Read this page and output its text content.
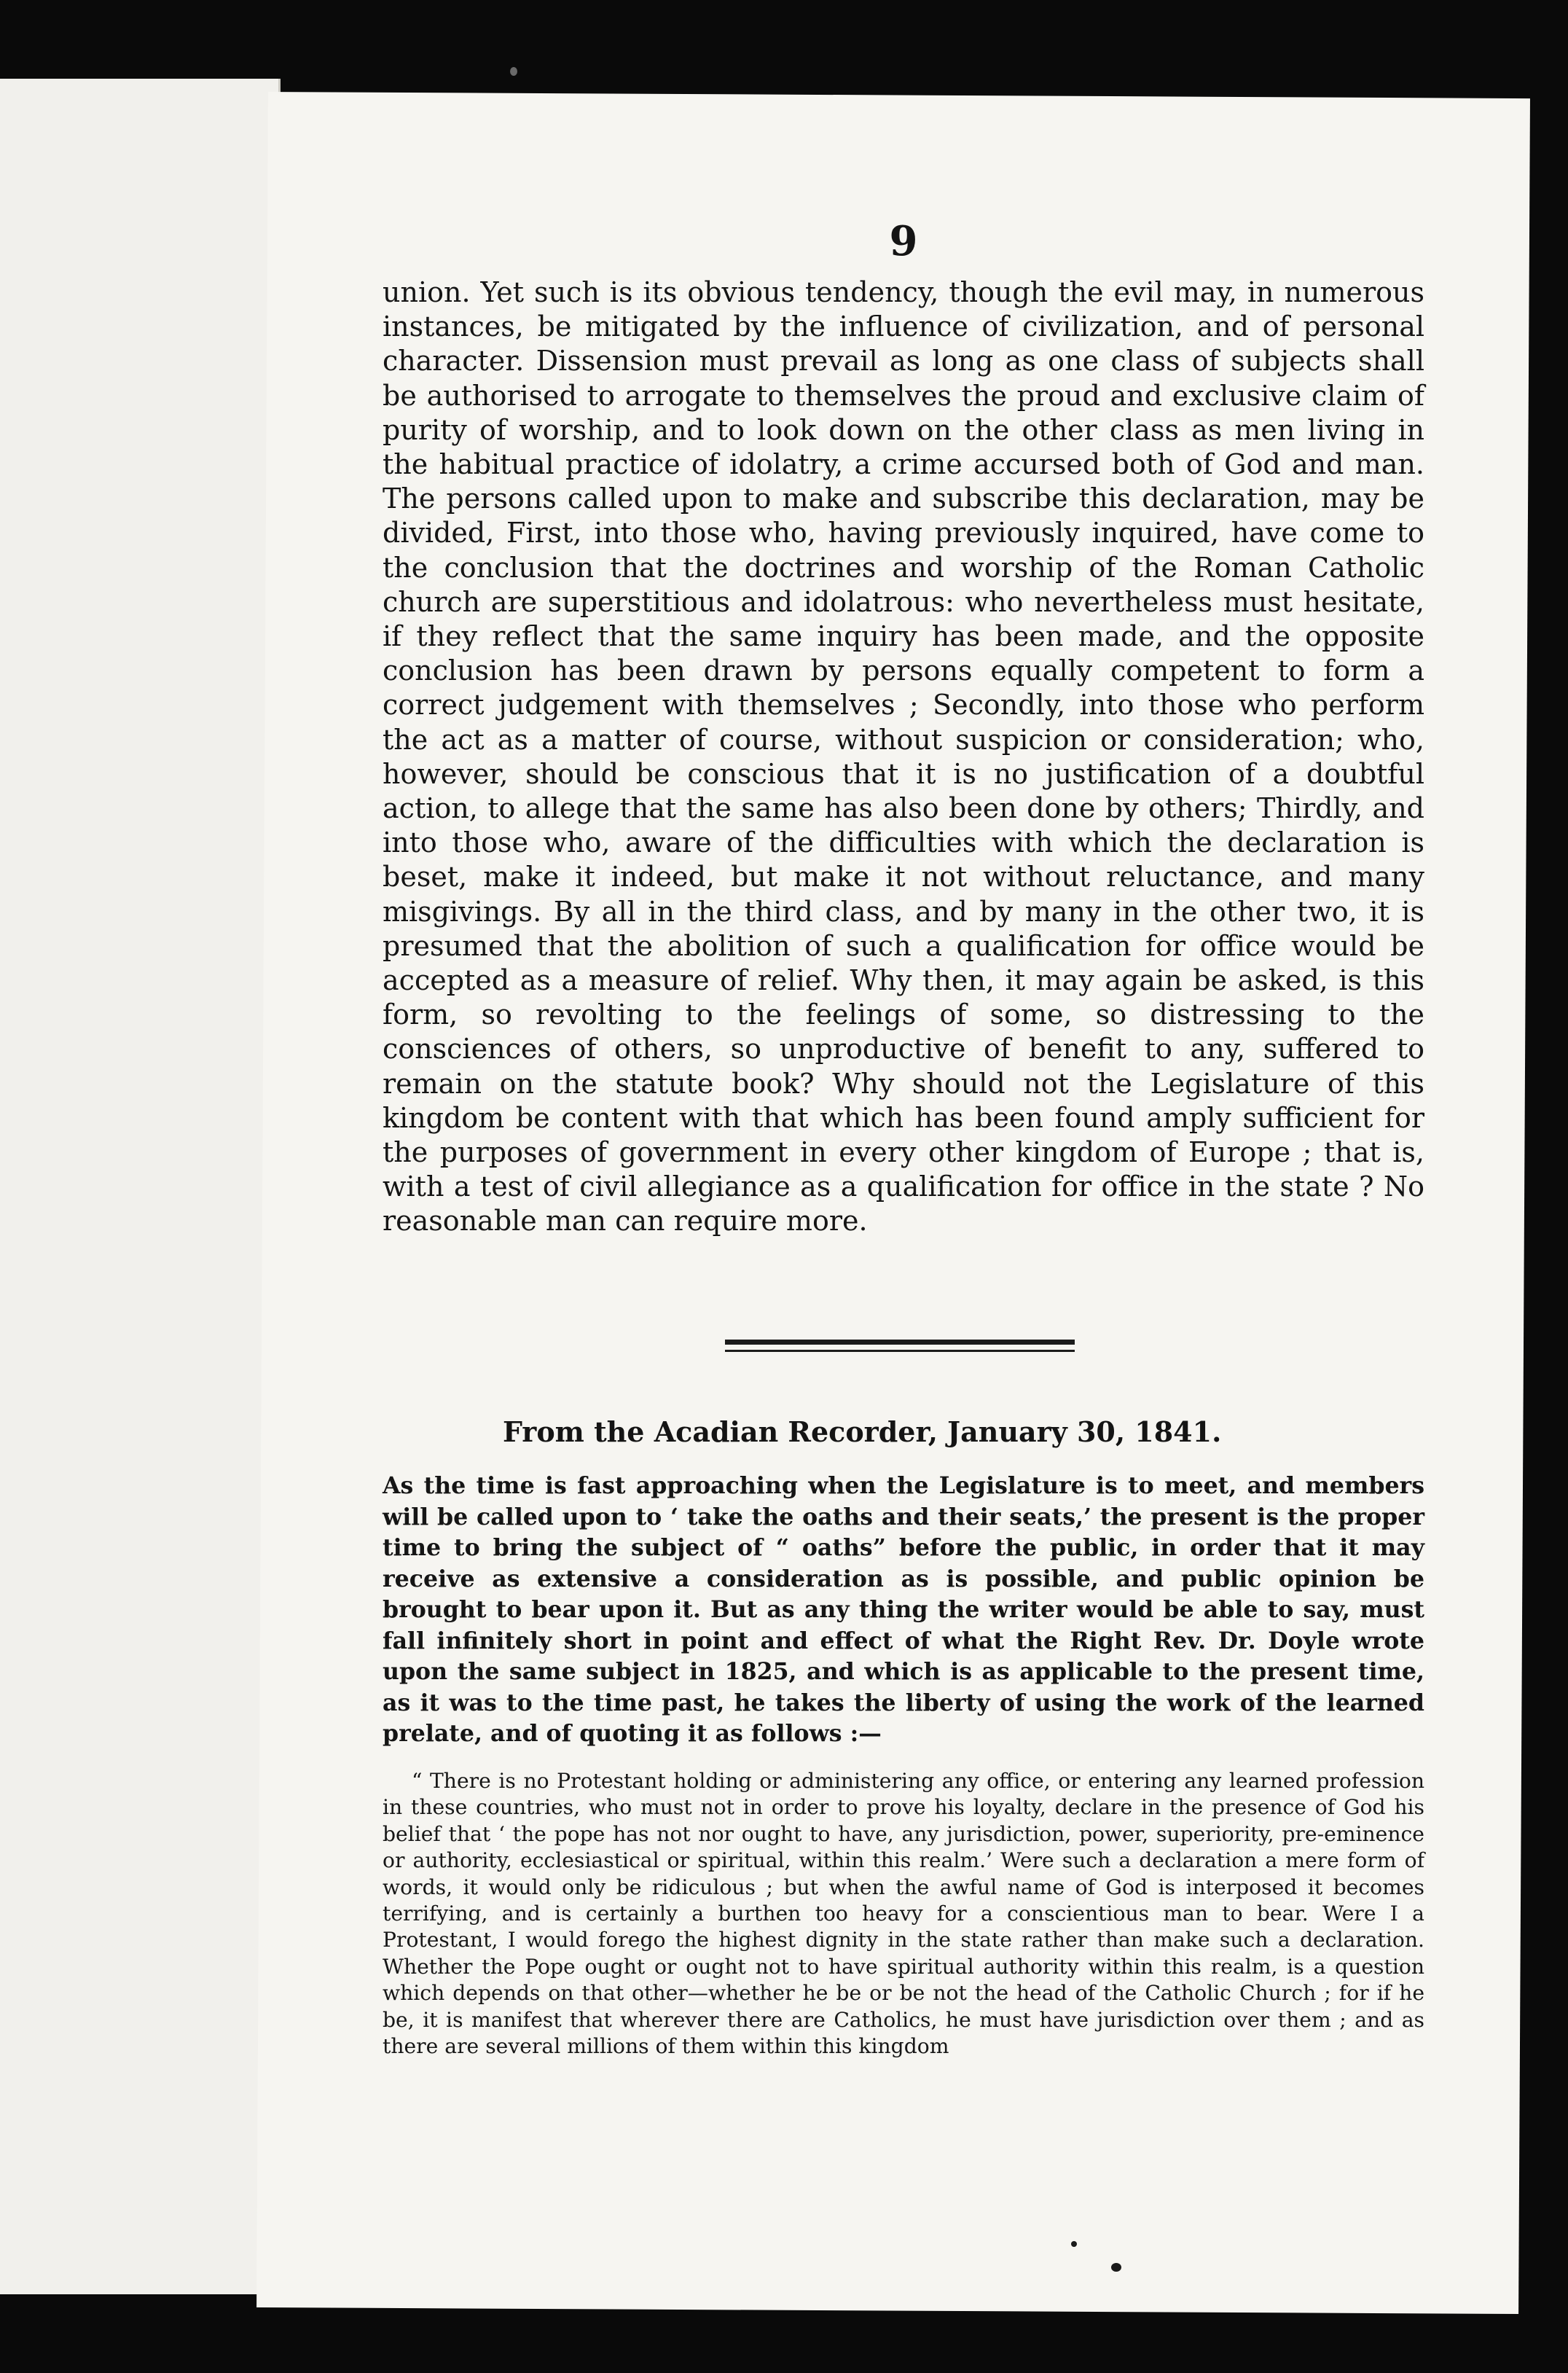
9
union. Yet such is its obvious tendency, though the evil may, in numerous instances, be mitigated by the influence of civilization, and of personal character. Dissension must prevail as long as one class of subjects shall be authorised to arrogate to themselves the proud and exclusive claim of purity of worship, and to look down on the other class as men living in the habitual practice of idolatry, a crime accursed both of God and man. The persons called upon to make and subscribe this declaration, may be divided, First, into those who, having previously inquired, have come to the conclusion that the doctrines and worship of the Roman Catholic church are superstitious and idolatrous: who nevertheless must hesitate, if they reflect that the same inquiry has been made, and the opposite conclusion has been drawn by persons equally competent to form a correct judgement with themselves ; Secondly, into those who perform the act as a matter of course, without suspicion or consideration; who, however, should be conscious that it is no justification of a doubtful action, to allege that the same has also been done by others; Thirdly, and into those who, aware of the difficulties with which the declaration is beset, make it indeed, but make it not without reluctance, and many misgivings. By all in the third class, and by many in the other two, it is presumed that the abolition of such a qualification for office would be accepted as a measure of relief. Why then, it may again be asked, is this form, so revolting to the feelings of some, so distressing to the consciences of others, so unproductive of benefit to any, suffered to remain on the statute book? Why should not the Legislature of this kingdom be content with that which has been found amply sufficient for the purposes of government in every other kingdom of Europe ; that is, with a test of civil allegiance as a qualification for office in the state ? No reasonable man can require more.
From the Acadian Recorder, January 30, 1841.
As the time is fast approaching when the Legislature is to meet, and members will be called upon to ‘ take the oaths and their seats,’ the present is the proper time to bring the subject of “ oaths” before the public, in order that it may receive as extensive a consideration as is possible, and public opinion be brought to bear upon it. But as any thing the writer would be able to say, must fall infinitely short in point and effect of what the Right Rev. Dr. Doyle wrote upon the same subject in 1825, and which is as applicable to the present time, as it was to the time past, he takes the liberty of using the work of the learned prelate, and of quoting it as follows :—
“ There is no Protestant holding or administering any office, or entering any learned profession in these countries, who must not in order to prove his loyalty, declare in the presence of God his belief that ‘ the pope has not nor ought to have, any jurisdiction, power, superiority, pre-eminence or authority, ecclesiastical or spiritual, within this realm.’ Were such a declaration a mere form of words, it would only be ridiculous ; but when the awful name of God is interposed it becomes terrifying, and is certainly a burthen too heavy for a conscientious man to bear. Were I a Protestant, I would forego the highest dignity in the state rather than make such a declaration. Whether the Pope ought or ought not to have spiritual authority within this realm, is a question which depends on that other—whether he be or be not the head of the Catholic Church ; for if he be, it is manifest that wherever there are Catholics, he must have jurisdiction over them ; and as there are several millions of them within this kingdom
